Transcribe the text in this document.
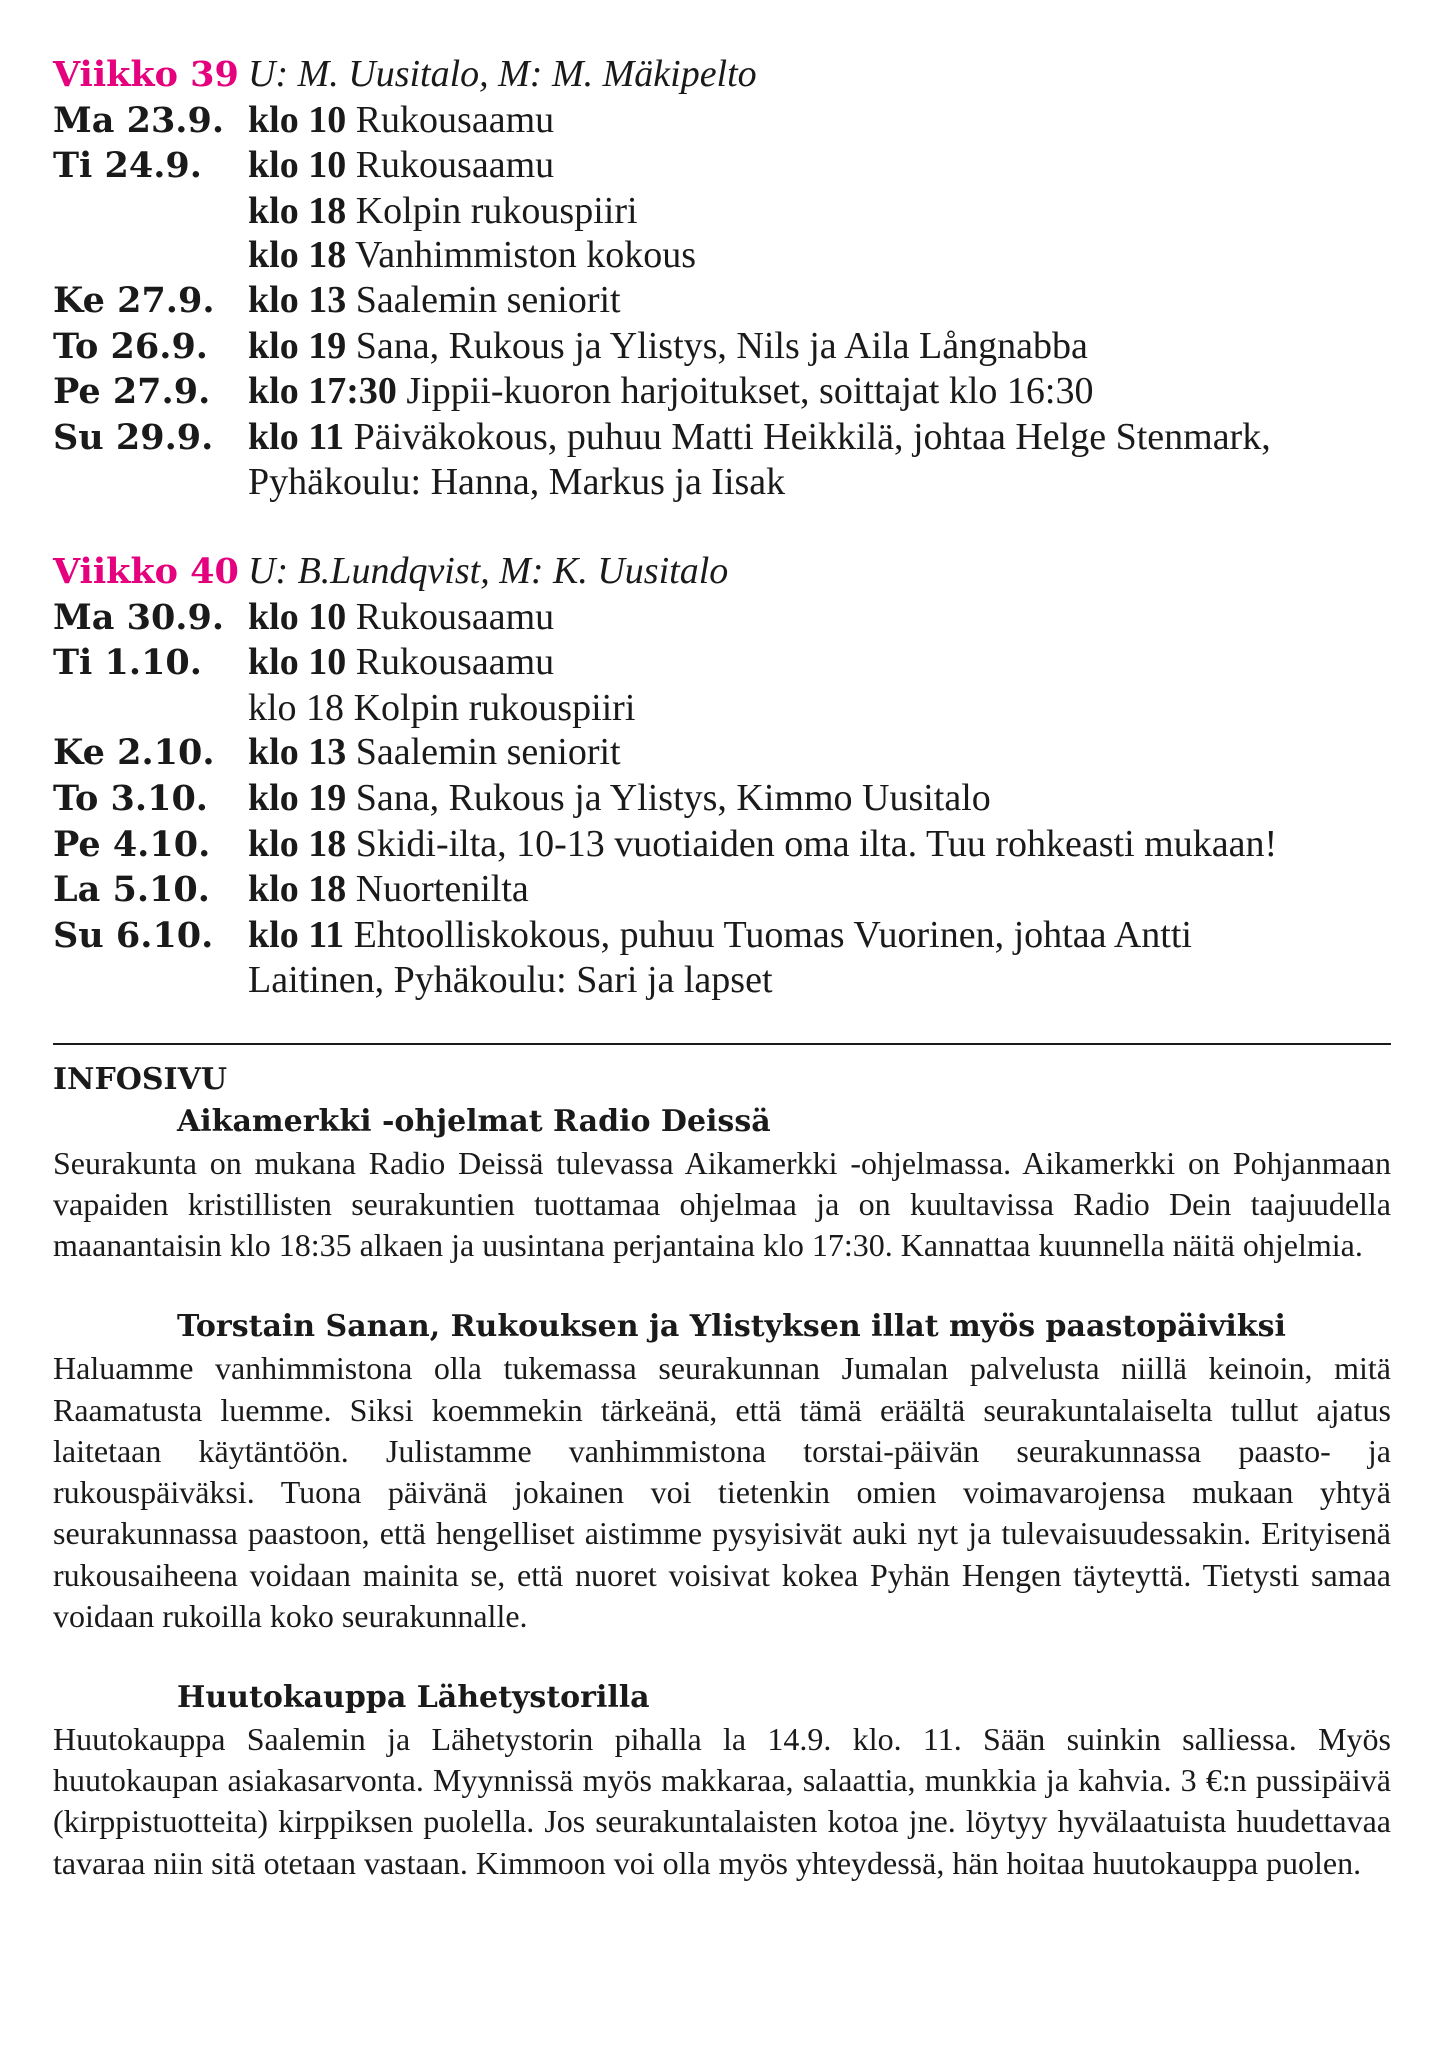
Viikko 39 U: M. Uusitalo, M: M. Mäkipelto
Ma 23.9. klo 10 Rukousaamu
Ti 24.9.	klo 10 Rukousaamu
klo 18 Kolpin rukouspiiri
klo 18 Vanhimmiston kokous
Ke 27.9. klo 13 Saalemin seniorit
To 26.9.	klo 19 Sana, Rukous ja Ylistys, Nils ja Aila Långnabba
Pe 27.9. klo 17:30 Jippii-kuoron harjoitukset, soittajat klo 16:30
Su 29.9. klo 11 Päiväkokous, puhuu Matti Heikkilä, johtaa Helge Stenmark,
Pyhäkoulu: Hanna, Markus ja Iisak
Viikko 40 U: B.Lundqvist, M: K. Uusitalo
Ma 30.9. klo 10 Rukousaamu
Ti 1.10.	klo 10 Rukousaamu
klo 18 Kolpin rukouspiiri
Ke 2.10. klo 13 Saalemin seniorit
To 3.10.	klo 19 Sana, Rukous ja Ylistys, Kimmo Uusitalo
Pe 4.10. klo 18 Skidi-ilta, 10-13 vuotiaiden oma ilta. Tuu rohkeasti mukaan!
La 5.10.	klo 18 Nuortenilta
Su 6.10. klo 11 Ehtoolliskokous, puhuu Tuomas Vuorinen, johtaa Antti
Laitinen, Pyhäkoulu: Sari ja lapset

INFOSIVU

Aikamerkki -ohjelmat Radio Deissä

Seurakunta on mukana Radio Deissä tulevassa Aikamerkki -ohjelmassa. Aikamerkki on Pohjanmaan vapaiden kristillisten seurakuntien tuottamaa ohjelmaa ja on kuultavissa Radio Dein taajuudella maanantaisin klo 18:35 alkaen ja uusintana perjantaina klo 17:30. Kannattaa kuunnella näitä ohjelmia.

Torstain Sanan, Rukouksen ja Ylistyksen illat myös paastopäiviksi

Haluamme vanhimmistona olla tukemassa seurakunnan Jumalan palvelusta niillä keinoin, mitä Raamatusta luemme. Siksi koemmekin tärkeänä, että tämä eräältä seurakuntalaiselta tullut ajatus laitetaan käytäntöön. Julistamme vanhimmistona torstai-päivän seurakunnassa paasto- ja rukouspäiväksi. Tuona päivänä jokainen voi tietenkin omien voimavarojensa mukaan yhtyä seurakunnassa paastoon, että hengelliset aistimme pysyisivät auki nyt ja tulevaisuudessakin. Erityisenä rukousaiheena voidaan mainita se, että nuoret voisivat kokea Pyhän Hengen täyteyttä. Tietysti samaa voidaan rukoilla koko seurakunnalle.

Huutokauppa Lähetystorilla

Huutokauppa Saalemin ja Lähetystorin pihalla la 14.9. klo. 11. Sään suinkin salliessa. Myös huutokaupan asiakasarvonta. Myynnissä myös makkaraa, salaattia, munkkia ja kahvia. 3 €:n pussipäivä (kirppistuotteita) kirppiksen puolella. Jos seurakuntalaisten kotoa jne. löytyy hyvälaatuista huudettavaa tavaraa niin sitä otetaan vastaan. Kimmoon voi olla myös yhteydessä, hän hoitaa huutokauppa puolen.
